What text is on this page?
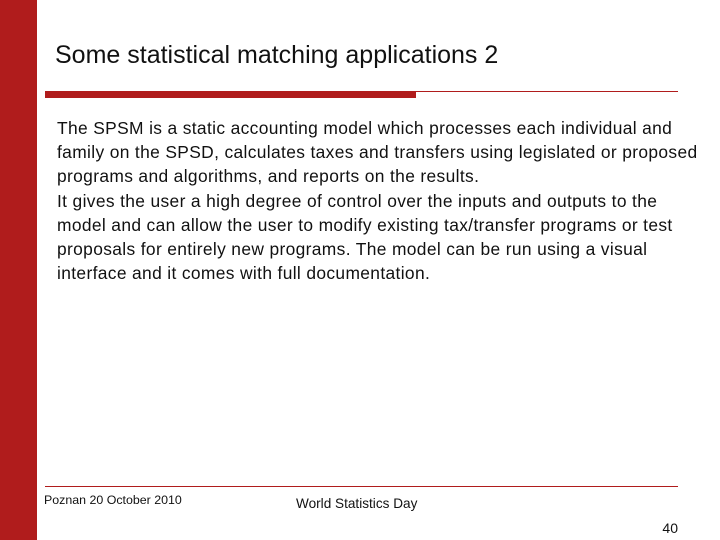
Some statistical matching applications 2

The SPSM is a static accounting model which processes each individual and family on the SPSD, calculates taxes and transfers using legislated or proposed programs and algorithms, and reports on the results.

It gives the user a high degree of control over the inputs and outputs to the model and can allow the user to modify existing tax/transfer programs or test proposals for entirely new programs. The model can be run using a visual interface and it comes with full documentation.

Poznan 20 October 2010	World Statistics Day
40
